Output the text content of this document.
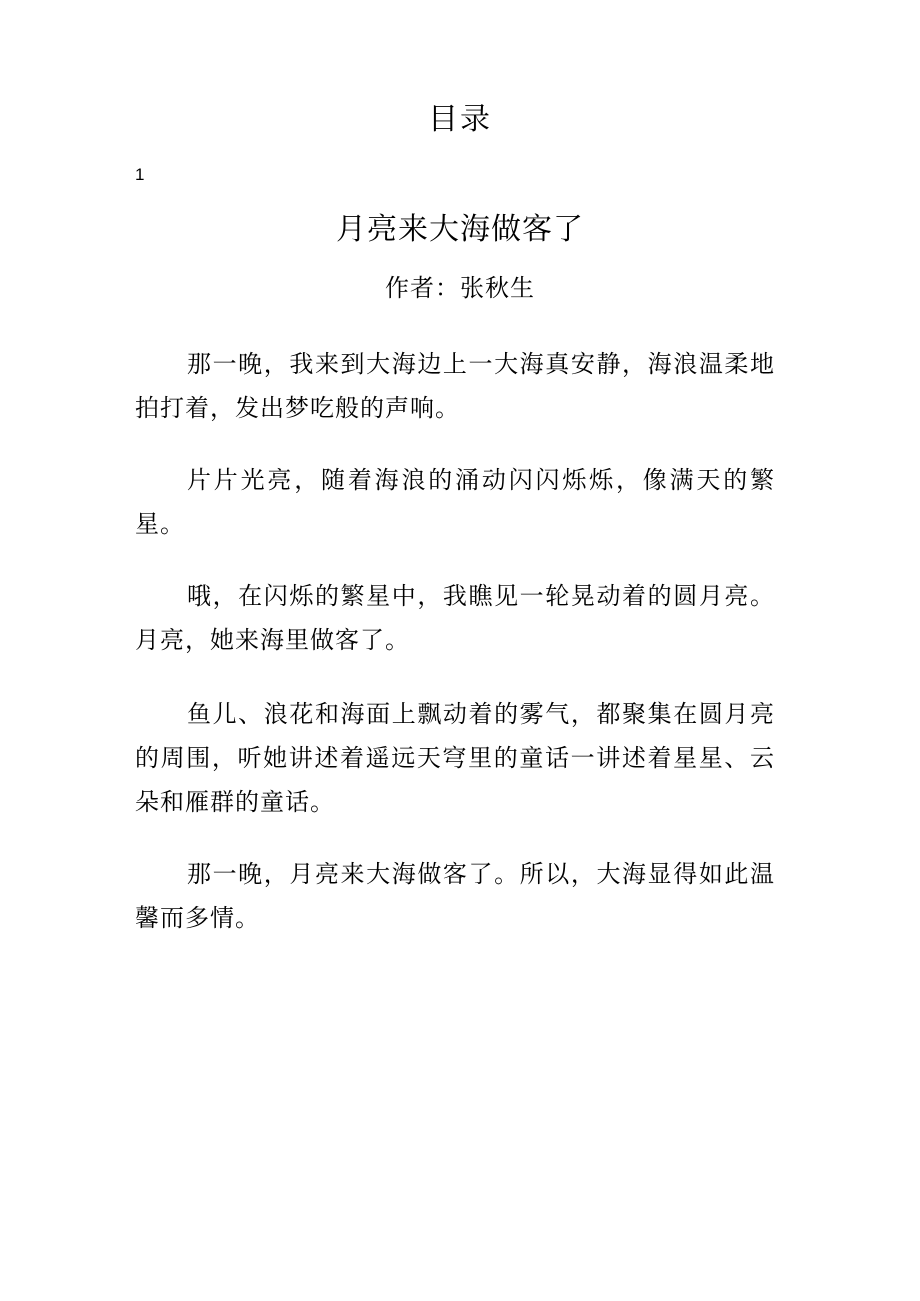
目录
1
月亮来大海做客了
作者：张秋生

那一晚，我来到大海边上一大海真安静，海浪温柔地拍打着，发出梦吃般的声响。

片片光亮，随着海浪的涌动闪闪烁烁，像满天的繁星。

哦，在闪烁的繁星中，我瞧见一轮晃动着的圆月亮。月亮，她来海里做客了。

鱼儿、浪花和海面上飘动着的雾气，都聚集在圆月亮的周围，听她讲述着遥远天穹里的童话一讲述着星星、云朵和雁群的童话。

那一晚，月亮来大海做客了。所以，大海显得如此温馨而多情。
